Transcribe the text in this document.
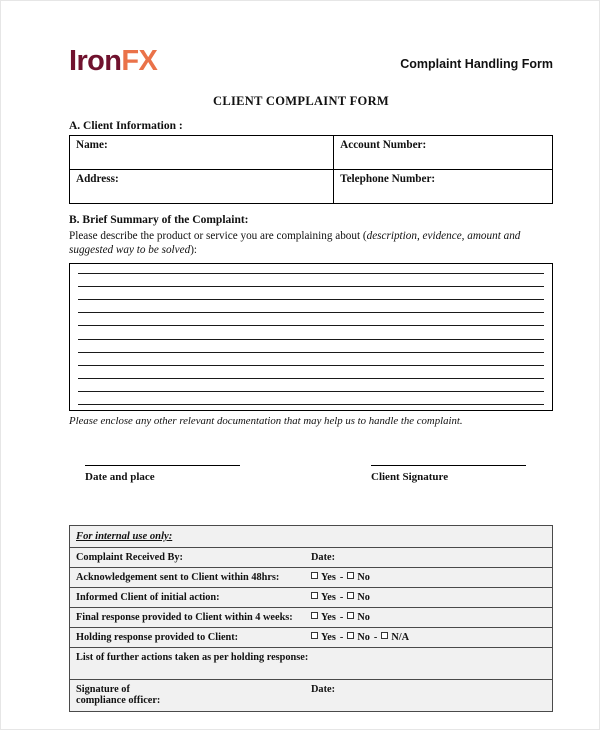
IronFX	Complaint Handling Form
CLIENT COMPLAINT FORM
A. Client Information :
Name:	Account Number:
Address:	Telephone Number:
B. Brief Summary of the Complaint:
Please describe the product or service you are complaining about (description, evidence, amount and suggested way to be solved):
Please enclose any other relevant documentation that may help us to handle the complaint.
Date and place	Client Signature
For internal use only:	
Complaint Received By:	Date:
Acknowledgement sent to Client within 48hrs:	Yes - No
Informed Client of initial action:	Yes - No
Final response provided to Client within 4 weeks:	Yes - No
Holding response provided to Client:	Yes - No - N/A
List of further actions taken as per holding response:	

Signature of
compliance officer:	Date:
